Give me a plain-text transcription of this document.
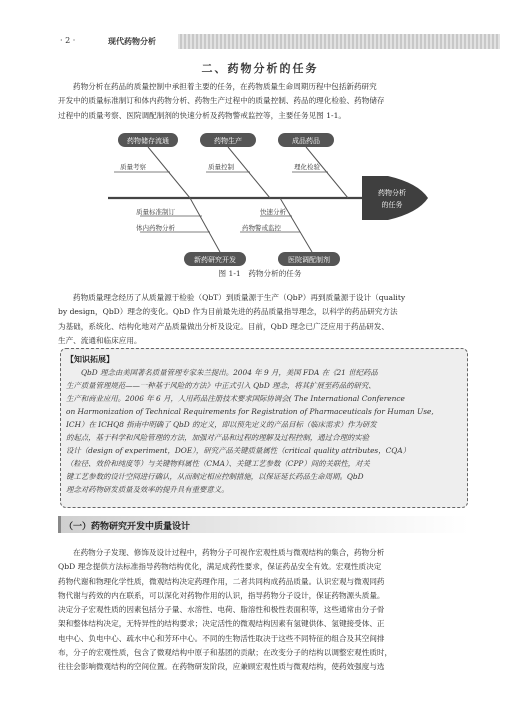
· 2 ·	现代药物分析
二、药物分析的任务
药物分析在药品的质量控制中承担着主要的任务，在药物质量生命周期历程中包括新药研究
开发中的质量标准制订和体内药物分析、药物生产过程中的质量控制、药品的理化检验、药物储存
过程中的质量考察、医院调配制剂的快速分析及药物警戒监控等，主要任务见图 1-1。
药物储存流通	药物生产	成品药品
质量考察	质量控制	理化检验
质量标准制订
体内药物分析
快速分析
药物警戒监控
新药研究开发	医院调配制剂
药物分析
的任务
图 1-1　药物分析的任务
药物质量理念经历了从质量源于检验（QbT）到质量源于生产（QbP）再到质量源于设计（quality
by design，QbD）理念的变化。QbD 作为目前最先进的药品质量指导理念，以科学的药品研究方法
为基础，系统化、结构化地对产品质量做出分析及设定。目前，QbD 理念已广泛应用于药品研发、
生产、流通和临床应用。
【知识拓展】
QbD 理念由美国著名质量管理专家朱兰提出。2004 年 9 月，美国 FDA 在《21 世纪药品
生产质量管理规范——一种基于风险的方法》中正式引入 QbD 理念，将其扩展至药品的研究、
生产和商业应用。2006 年 6 月，人用药品注册技术要求国际协调会( The International Conference
on Harmonization of Technical Requirements for Registration of Pharmaceuticals for Human Use,
ICH）在 ICHQ8 指南中明确了 QbD 的定义，即以预先定义的产品目标（临床需求）作为研发
的起点，基于科学和风险管理的方法，加强对产品和过程的理解及过程控制，通过合理的实验
设计（design of experiment，DOE），研究产品关键质量属性（critical quality attributes，CQA）
（粒径、效价和纯度等）与关键物料属性（CMA）、关键工艺参数（CPP）间的关联性，对关
键工艺参数的设计空间进行确认，从而制定相应控制措施，以保证延长药品生命周期。QbD
理念对药物研发质量及效率的提升具有重要意义。
（一）药物研究开发中质量设计
在药物分子发现、修饰及设计过程中，药物分子可视作宏观性质与微观结构的集合，药物分析
QbD 理念提供方法标准指导药物结构优化，满足成药性要求，保证药品安全有效。宏观性质决定
药物代谢和物理化学性质，微观结构决定药理作用，二者共同构成药品质量。认识宏观与微观同药
物代谢与药效的内在联系，可以深化对药物作用的认识，指导药物分子设计，保证药物源头质量。
决定分子宏观性质的因素包括分子量、水溶性、电荷、脂溶性和极性表面积等，这些通常由分子骨
架和整体结构决定，无特异性的结构要求；决定活性的微观结构因素有氢键供体、氢键接受体、正
电中心、负电中心、疏水中心和芳环中心。不同的生物活性取决于这些不同特征的组合及其空间排
布，分子的宏观性质，包含了微观结构中原子和基团的贡献；在改变分子的结构以调整宏观性质时，
往往会影响微观结构的空间位置。在药物研发阶段，应兼顾宏观性质与微观结构，使药效强度与选
